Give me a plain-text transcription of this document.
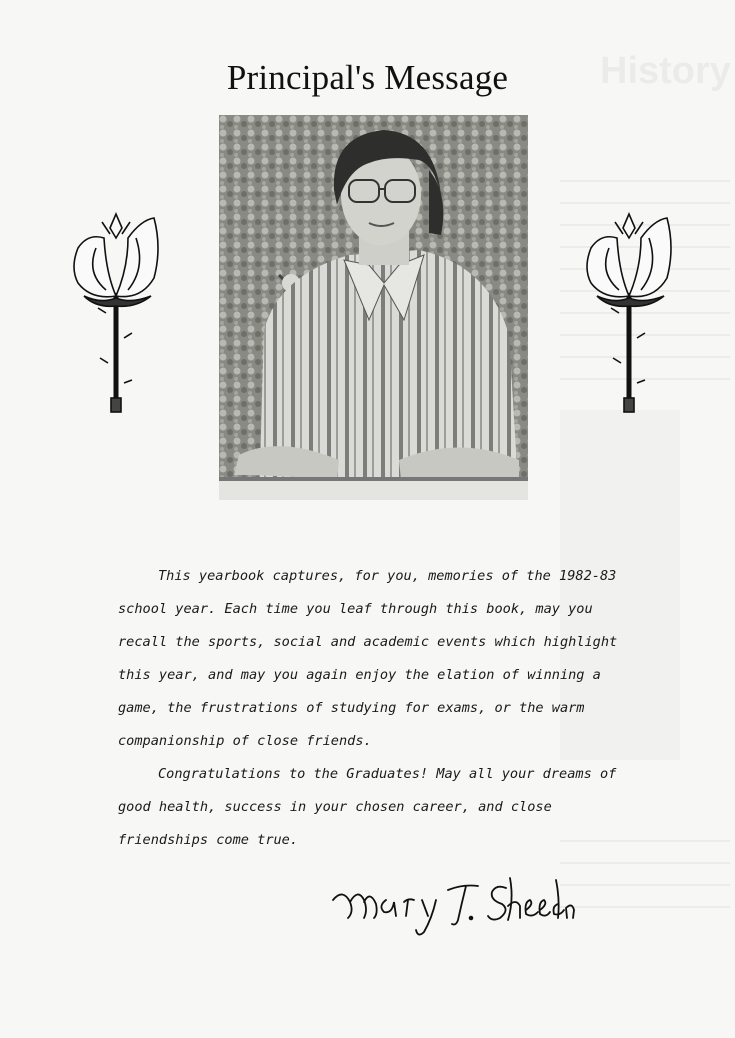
Principal's Message

This yearbook captures, for you, memories of the 1982-83 school year. Each time you leaf through this book, may you recall the sports, social and academic events which highlight this year, and may you again enjoy the elation of winning a game, the frustrations of studying for exams, or the warm companionship of close friends.

Congratulations to the Graduates! May all your dreams of good health, success in your chosen career, and close friendships come true.
